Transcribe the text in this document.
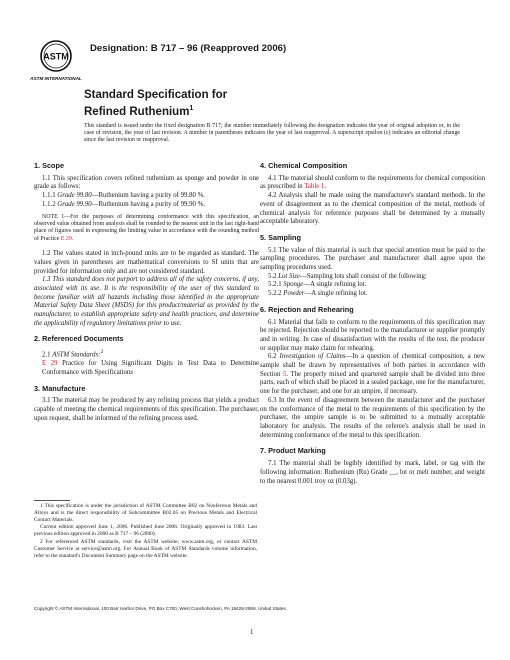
ASTM
ASTM INTERNATIONAL
Designation: B 717 – 96 (Reapproved 2006)
Standard Specification for
Refined Ruthenium$^1$
This standard is issued under the fixed designation B 717; the number immediately following the designation indicates the year of original adoption or, in the case of revision, the year of last revision. A number in parentheses indicates the year of last reapproval. A superscript epsilon (ε) indicates an editorial change since the last revision or reapproval.
1. Scope

1.1 This specification covers refined ruthenium as sponge and powder in one grade as follows:

1.1.1 Grade 99.80—Ruthenium having a purity of 99.80 %.

1.1.2 Grade 99.90—Ruthenium having a purity of 99.90 %.

NOTE 1—For the purposes of determining conformance with this specification, an observed value obtained from analysis shall be rounded to the nearest unit in the last right-hand place of figures used in expressing the limiting value in accordance with the rounding method of Practice E 29.

1.2 The values stated in inch-pound units are to be regarded as standard. The values given in parentheses are mathematical conversions to SI units that are provided for information only and are not considered standard.

1.3 This standard does not purport to address all of the safety concerns, if any, associated with its use. It is the responsibility of the user of this standard to become familiar with all hazards including those identified in the appropriate Material Safety Data Sheet (MSDS) for this product/material as provided by the manufacturer, to establish appropriate safety and health practices, and determine the applicability of regulatory limitations prior to use.

2. Referenced Documents

2.1 ASTM Standards:$^2$

E 29 Practice for Using Significant Digits in Test Data to Determine Conformance with Specifications

3. Manufacture

3.1 The material may be produced by any refining process that yields a product capable of meeting the chemical requirements of this specification. The purchaser, upon request, shall be informed of the refining process used.

1 This specification is under the jurisdiction of ASTM Committee B02 on Nonferrous Metals and Alloys and is the direct responsibility of Subcommittee B02.05 on Precious Metals and Electrical Contact Materials.

Current edition approved June 1, 2006. Published June 2006. Originally approved in 1983. Last previous edition approved in 2000 as B 717 – 96 (2000).

2 For referenced ASTM standards, visit the ASTM website, www.astm.org, or contact ASTM Customer Service at service@astm.org. For Annual Book of ASTM Standards volume information, refer to the standard's Document Summary page on the ASTM website.

4. Chemical Composition

4.1 The material should conform to the requirements for chemical composition as prescribed in Table 1.

4.2 Analysis shall be made using the manufacturer's standard methods. In the event of disagreement as to the chemical composition of the metal, methods of chemical analysis for reference purposes shall be determined by a mutually acceptable laboratory.

5. Sampling

5.1 The value of this material is such that special attention must be paid to the sampling procedures. The purchaser and manufacturer shall agree upon the sampling procedures used.

5.2 Lot Size—Sampling lots shall consist of the following:

5.2.1 Sponge—A single refining lot.

5.2.2 Powder—A single refining lot.

6. Rejection and Rehearing

6.1 Material that fails to conform to the requirements of this specification may be rejected. Rejection should be reported to the manufacturer or supplier promptly and in writing. In case of dissatisfaction with the results of the test, the producer or supplier may make claim for rehearing.

6.2 Investigation of Claims—In a question of chemical composition, a new sample shall be drawn by representatives of both parties in accordance with Section 5. The properly mixed and quartered sample shall be divided into three parts, each of which shall be placed in a sealed package, one for the manufacturer, one for the purchaser, and one for an umpire, if necessary.

6.3 In the event of disagreement between the manufacturer and the purchaser on the conformance of the metal to the requirements of this specification by the purchaser, the umpire sample is to be submitted to a mutually acceptable laboratory for analysis. The results of the referee's analysis shall be used in determining conformance of the metal to this specification.

7. Product Marking

7.1 The material shall be legibly identified by mark, label, or tag with the following information: Ruthenium (Ru) Grade __, lot or melt number, and weight to the nearest 0.001 troy oz (0.03g).

Copyright © ASTM International, 100 Barr Harbor Drive, PO Box C700, West Conshohocken, PA 19428-2959, United States.
1
